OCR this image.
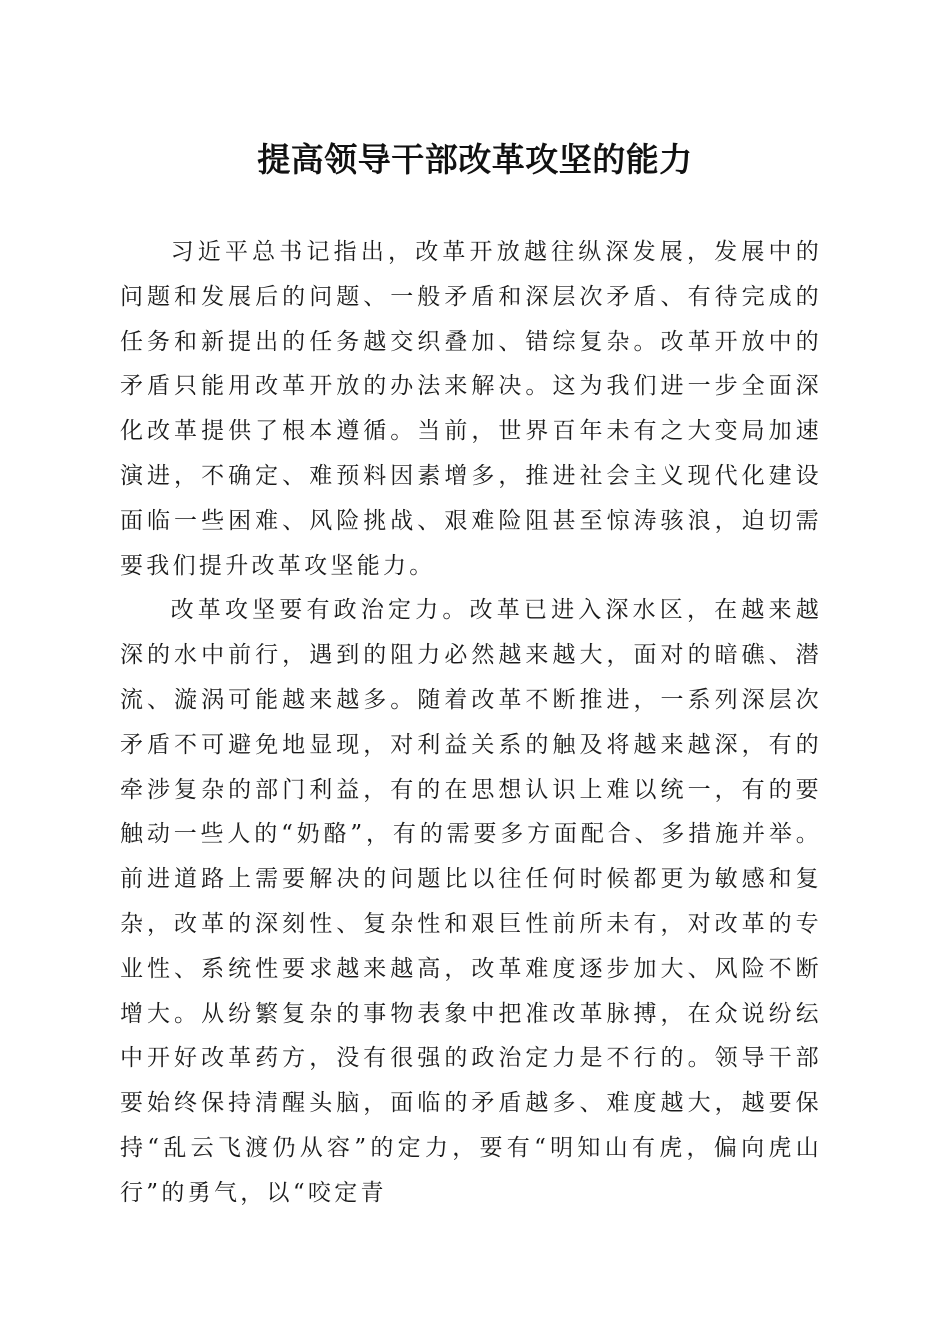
提高领导干部改革攻坚的能力

习近平总书记指出，改革开放越往纵深发展，发展中的问题和发展后的问题、一般矛盾和深层次矛盾、有待完成的任务和新提出的任务越交织叠加、错综复杂。改革开放中的矛盾只能用改革开放的办法来解决。这为我们进一步全面深化改革提供了根本遵循。当前，世界百年未有之大变局加速演进，不确定、难预料因素增多，推进社会主义现代化建设面临一些困难、风险挑战、艰难险阻甚至惊涛骇浪，迫切需要我们提升改革攻坚能力。

改革攻坚要有政治定力。改革已进入深水区，在越来越深的水中前行，遇到的阻力必然越来越大，面对的暗礁、潜流、漩涡可能越来越多。随着改革不断推进，一系列深层次矛盾不可避免地显现，对利益关系的触及将越来越深，有的牵涉复杂的部门利益，有的在思想认识上难以统一，有的要触动一些人的“奶酪”，有的需要多方面配合、多措施并举。前进道路上需要解决的问题比以往任何时候都更为敏感和复杂，改革的深刻性、复杂性和艰巨性前所未有，对改革的专业性、系统性要求越来越高，改革难度逐步加大、风险不断增大。从纷繁复杂的事物表象中把准改革脉搏，在众说纷纭中开好改革药方，没有很强的政治定力是不行的。领导干部要始终保持清醒头脑，面临的矛盾越多、难度越大，越要保持“乱云飞渡仍从容”的定力，要有“明知山有虎，偏向虎山行”的勇气，以“咬定青
